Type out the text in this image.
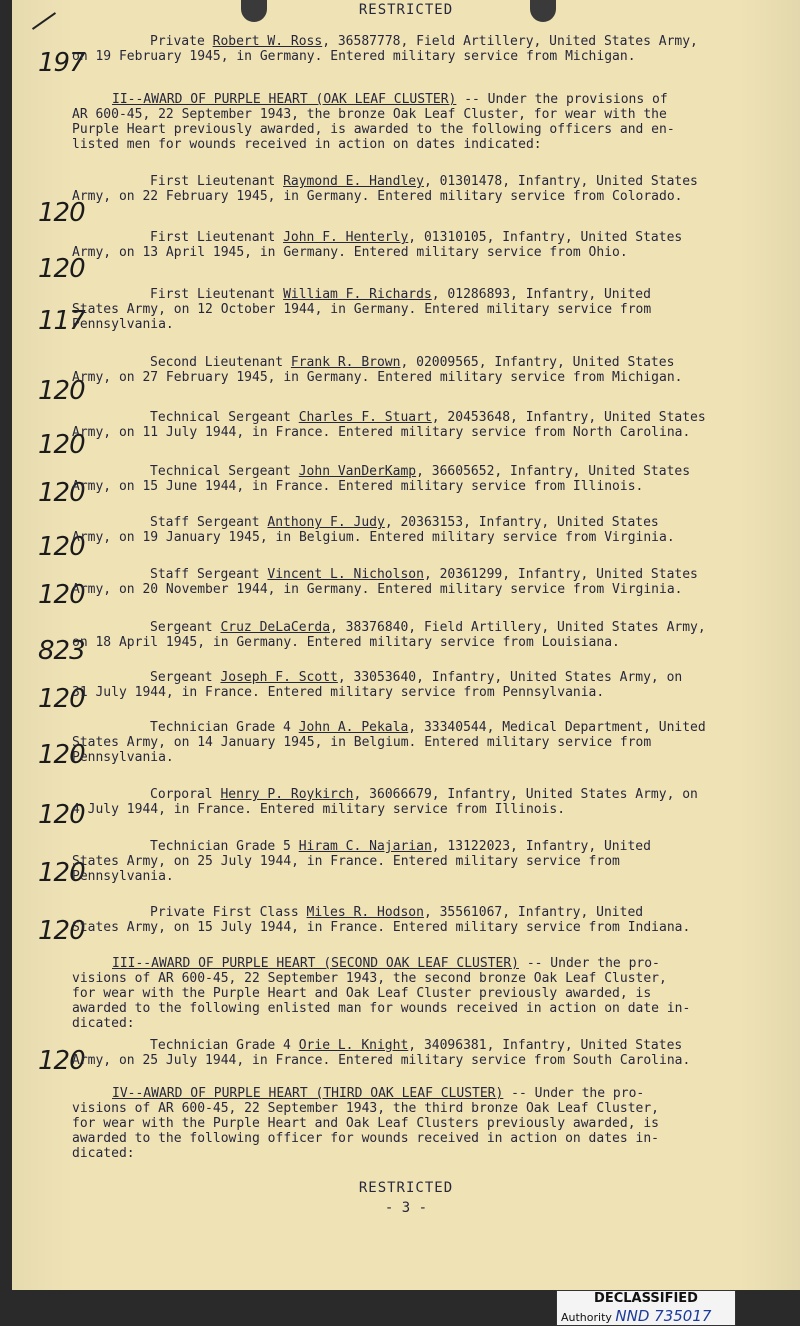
RESTRICTED
197
Private Robert W. Ross, 36587778, Field Artillery, United States Army,
on 19 February 1945, in Germany. Entered military service from Michigan.
II--AWARD OF PURPLE HEART (OAK LEAF CLUSTER) -- Under the provisions of
AR 600-45, 22 September 1943, the bronze Oak Leaf Cluster, for wear with the
Purple Heart previously awarded, is awarded to the following officers and en-
listed men for wounds received in action on dates indicated:
120
First Lieutenant Raymond E. Handley, 01301478, Infantry, United States
Army, on 22 February 1945, in Germany. Entered military service from Colorado.
120
First Lieutenant John F. Henterly, 01310105, Infantry, United States
Army, on 13 April 1945, in Germany. Entered military service from Ohio.
117
First Lieutenant William F. Richards, 01286893, Infantry, United
States Army, on 12 October 1944, in Germany. Entered military service from
Pennsylvania.
120
Second Lieutenant Frank R. Brown, 02009565, Infantry, United States
Army, on 27 February 1945, in Germany. Entered military service from Michigan.
120
Technical Sergeant Charles F. Stuart, 20453648, Infantry, United States
Army, on 11 July 1944, in France. Entered military service from North Carolina.
120
Technical Sergeant John VanDerKamp, 36605652, Infantry, United States
Army, on 15 June 1944, in France. Entered military service from Illinois.
120
Staff Sergeant Anthony F. Judy, 20363153, Infantry, United States
Army, on 19 January 1945, in Belgium. Entered military service from Virginia.
120
Staff Sergeant Vincent L. Nicholson, 20361299, Infantry, United States
Army, on 20 November 1944, in Germany. Entered military service from Virginia.
823
Sergeant Cruz DeLaCerda, 38376840, Field Artillery, United States Army,
on 18 April 1945, in Germany. Entered military service from Louisiana.
120
Sergeant Joseph F. Scott, 33053640, Infantry, United States Army, on
31 July 1944, in France. Entered military service from Pennsylvania.
120
Technician Grade 4 John A. Pekala, 33340544, Medical Department, United
States Army, on 14 January 1945, in Belgium. Entered military service from
Pennsylvania.
120
Corporal Henry P. Roykirch, 36066679, Infantry, United States Army, on
4 July 1944, in France. Entered military service from Illinois.
120
Technician Grade 5 Hiram C. Najarian, 13122023, Infantry, United
States Army, on 25 July 1944, in France. Entered military service from
Pennsylvania.
120
Private First Class Miles R. Hodson, 35561067, Infantry, United
States Army, on 15 July 1944, in France. Entered military service from Indiana.
III--AWARD OF PURPLE HEART (SECOND OAK LEAF CLUSTER) -- Under the pro-
visions of AR 600-45, 22 September 1943, the second bronze Oak Leaf Cluster,
for wear with the Purple Heart and Oak Leaf Cluster previously awarded, is
awarded to the following enlisted man for wounds received in action on date in-
dicated:
120
Technician Grade 4 Orie L. Knight, 34096381, Infantry, United States
Army, on 25 July 1944, in France. Entered military service from South Carolina.
IV--AWARD OF PURPLE HEART (THIRD OAK LEAF CLUSTER) -- Under the pro-
visions of AR 600-45, 22 September 1943, the third bronze Oak Leaf Cluster,
for wear with the Purple Heart and Oak Leaf Clusters previously awarded, is
awarded to the following officer for wounds received in action on dates in-
dicated:
RESTRICTED
- 3 -
DECLASSIFIED
Authority NND 735017
